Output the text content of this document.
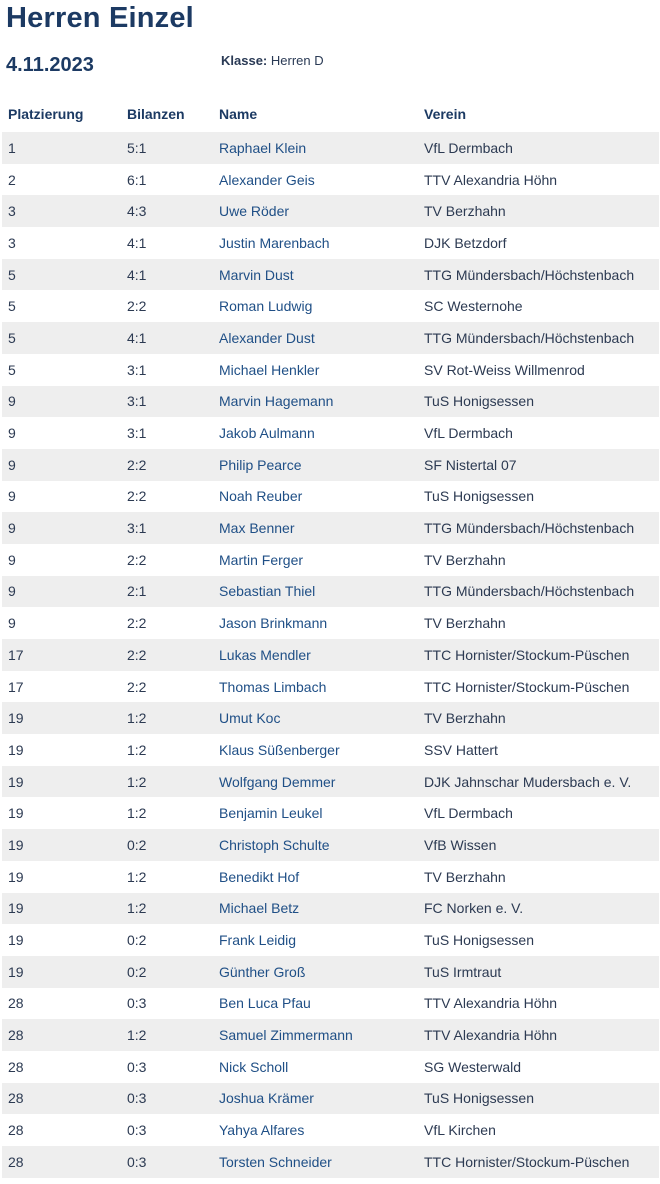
Herren Einzel
4.11.2023	Klasse: Herren D
Platzierung	Bilanzen	Name	Verein
1	5:1	Raphael Klein	VfL Dermbach
2	6:1	Alexander Geis	TTV Alexandria Höhn
3	4:3	Uwe Röder	TV Berzhahn
3	4:1	Justin Marenbach	DJK Betzdorf
5	4:1	Marvin Dust	TTG Mündersbach/Höchstenbach
5	2:2	Roman Ludwig	SC Westernohe
5	4:1	Alexander Dust	TTG Mündersbach/Höchstenbach
5	3:1	Michael Henkler	SV Rot-Weiss Willmenrod
9	3:1	Marvin Hagemann	TuS Honigsessen
9	3:1	Jakob Aulmann	VfL Dermbach
9	2:2	Philip Pearce	SF Nistertal 07
9	2:2	Noah Reuber	TuS Honigsessen
9	3:1	Max Benner	TTG Mündersbach/Höchstenbach
9	2:2	Martin Ferger	TV Berzhahn
9	2:1	Sebastian Thiel	TTG Mündersbach/Höchstenbach
9	2:2	Jason Brinkmann	TV Berzhahn
17	2:2	Lukas Mendler	TTC Hornister/Stockum-Püschen
17	2:2	Thomas Limbach	TTC Hornister/Stockum-Püschen
19	1:2	Umut Koc	TV Berzhahn
19	1:2	Klaus Süßenberger	SSV Hattert
19	1:2	Wolfgang Demmer	DJK Jahnschar Mudersbach e. V.
19	1:2	Benjamin Leukel	VfL Dermbach
19	0:2	Christoph Schulte	VfB Wissen
19	1:2	Benedikt Hof	TV Berzhahn
19	1:2	Michael Betz	FC Norken e. V.
19	0:2	Frank Leidig	TuS Honigsessen
19	0:2	Günther Groß	TuS Irmtraut
28	0:3	Ben Luca Pfau	TTV Alexandria Höhn
28	1:2	Samuel Zimmermann	TTV Alexandria Höhn
28	0:3	Nick Scholl	SG Westerwald
28	0:3	Joshua Krämer	TuS Honigsessen
28	0:3	Yahya Alfares	VfL Kirchen
28	0:3	Torsten Schneider	TTC Hornister/Stockum-Püschen
